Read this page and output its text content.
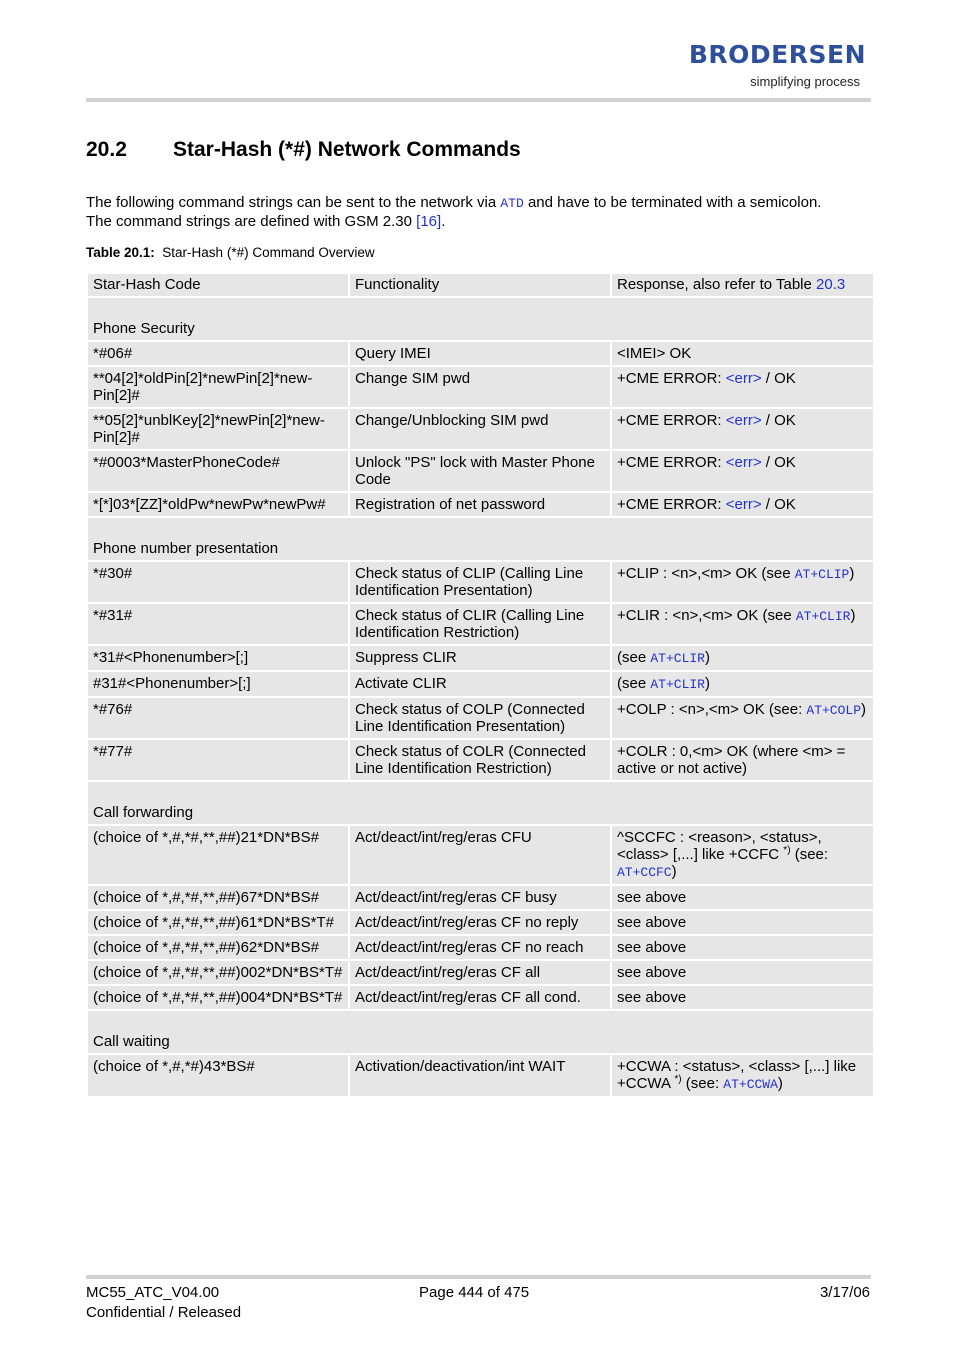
BRODERSEN
simplifying process
20.2 Star-Hash (*#) Network Commands
The following command strings can be sent to the network via ATD and have to be terminated with a semicolon.
The command strings are defined with GSM 2.30 [16].
Table 20.1: Star-Hash (*#) Command Overview
Star-Hash Code	Functionality	Response, also refer to Table 20.3
Phone Security		
*#06#	Query IMEI	<IMEI> OK
**04[2]*oldPin[2]*newPin[2]*new-Pin[2]#	Change SIM pwd	+CME ERROR: <err> / OK
**05[2]*unblKey[2]*newPin[2]*new-Pin[2]#	Change/Unblocking SIM pwd	+CME ERROR: <err> / OK
*#0003*MasterPhoneCode#	Unlock "PS" lock with Master Phone Code	+CME ERROR: <err> / OK
*[*]03*[ZZ]*oldPw*newPw*newPw#	Registration of net password	+CME ERROR: <err> / OK
Phone number presentation		
*#30#	Check status of CLIP (Calling Line Identification Presentation)	+CLIP : <n>,<m> OK (see AT+CLIP)
*#31#	Check status of CLIR (Calling Line Identification Restriction)	+CLIR : <n>,<m> OK (see AT+CLIR)
*31#<Phonenumber>[;]	Suppress CLIR	(see AT+CLIR)
#31#<Phonenumber>[;]	Activate CLIR	(see AT+CLIR)
*#76#	Check status of COLP (Connected Line Identification Presentation)	+COLP : <n>,<m> OK (see: AT+COLP)
*#77#	Check status of COLR (Connected Line Identification Restriction)	+COLR : 0,<m> OK (where <m> = active or not active)
Call forwarding		
(choice of *,#,*#,**,##)21*DN*BS#	Act/deact/int/reg/eras CFU	^SCCFC : <reason>, <status>, <class> [,...] like +CCFC *) (see: AT+CCFC)
(choice of *,#,*#,**,##)67*DN*BS#	Act/deact/int/reg/eras CF busy	see above
(choice of *,#,*#,**,##)61*DN*BS*T#	Act/deact/int/reg/eras CF no reply	see above
(choice of *,#,*#,**,##)62*DN*BS#	Act/deact/int/reg/eras CF no reach	see above
(choice of *,#,*#,**,##)002*DN*BS*T#	Act/deact/int/reg/eras CF all	see above
(choice of *,#,*#,**,##)004*DN*BS*T#	Act/deact/int/reg/eras CF all cond.	see above
Call waiting		
(choice of *,#,*#)43*BS#	Activation/deactivation/int WAIT	+CCWA : <status>, <class> [,...] like +CCWA *) (see: AT+CCWA)
MC55_ATC_V04.00
Confidential / Released
Page 444 of 475	3/17/06
